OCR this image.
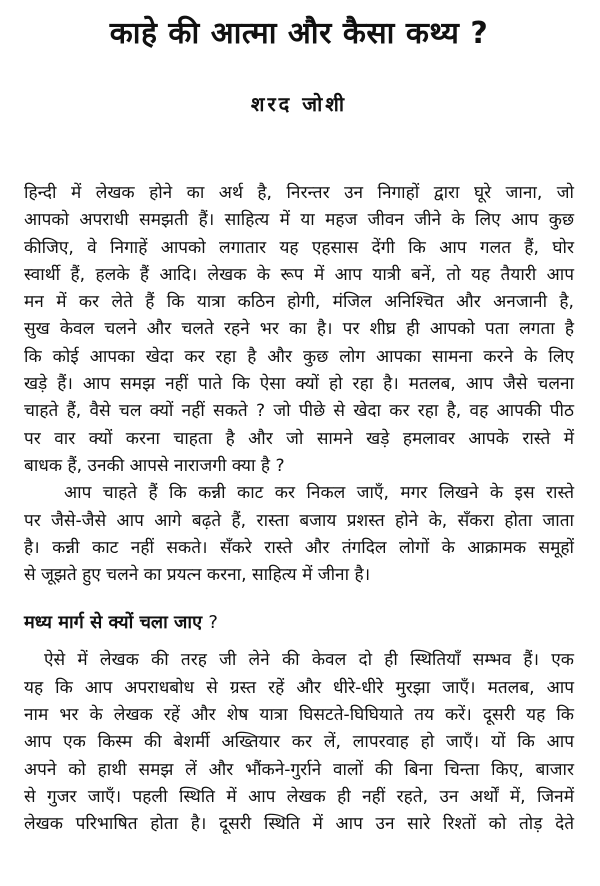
काहे की आत्मा और कैसा कथ्य ?
शरद जोशी
हिन्दी में लेखक होने का अर्थ है, निरन्तर उन निगाहों द्वारा घूरे जाना, जो
आपको अपराधी समझती हैं। साहित्य में या महज जीवन जीने के लिए आप कुछ
कीजिए, वे निगाहें आपको लगातार यह एहसास देंगी कि आप गलत हैं, घोर
स्वार्थी हैं, हलके हैं आदि। लेखक के रूप में आप यात्री बनें, तो यह तैयारी आप
मन में कर लेते हैं कि यात्रा कठिन होगी, मंजिल अनिश्चित और अनजानी है,
सुख केवल चलने और चलते रहने भर का है। पर शीघ्र ही आपको पता लगता है
कि कोई आपका खेदा कर रहा है और कुछ लोग आपका सामना करने के लिए
खड़े हैं। आप समझ नहीं पाते कि ऐसा क्यों हो रहा है। मतलब, आप जैसे चलना
चाहते हैं, वैसे चल क्यों नहीं सकते ? जो पीछे से खेदा कर रहा है, वह आपकी पीठ
पर वार क्यों करना चाहता है और जो सामने खड़े हमलावर आपके रास्ते में
बाधक हैं, उनकी आपसे नाराजगी क्या है ?
आप चाहते हैं कि कन्नी काट कर निकल जाएँ, मगर लिखने के इस रास्ते
पर जैसे-जैसे आप आगे बढ़ते हैं, रास्ता बजाय प्रशस्त होने के, सँकरा होता जाता
है। कन्नी काट नहीं सकते। सँकरे रास्ते और तंगदिल लोगों के आक्रामक समूहों
से जूझते हुए चलने का प्रयत्न करना, साहित्य में जीना है।
मध्य मार्ग से क्यों चला जाए ?
ऐसे में लेखक की तरह जी लेने की केवल दो ही स्थितियाँ सम्भव हैं। एक
यह कि आप अपराधबोध से ग्रस्त रहें और धीरे-धीरे मुरझा जाएँ। मतलब, आप
नाम भर के लेखक रहें और शेष यात्रा घिसटते-घिघियाते तय करें। दूसरी यह कि
आप एक किस्म की बेशर्मी अख्तियार कर लें, लापरवाह हो जाएँ। यों कि आप
अपने को हाथी समझ लें और भौंकने-गुर्राने वालों की बिना चिन्ता किए, बाजार
से गुजर जाएँ। पहली स्थिति में आप लेखक ही नहीं रहते, उन अर्थों में, जिनमें
लेखक परिभाषित होता है। दूसरी स्थिति में आप उन सारे रिश्तों को तोड़ देते
